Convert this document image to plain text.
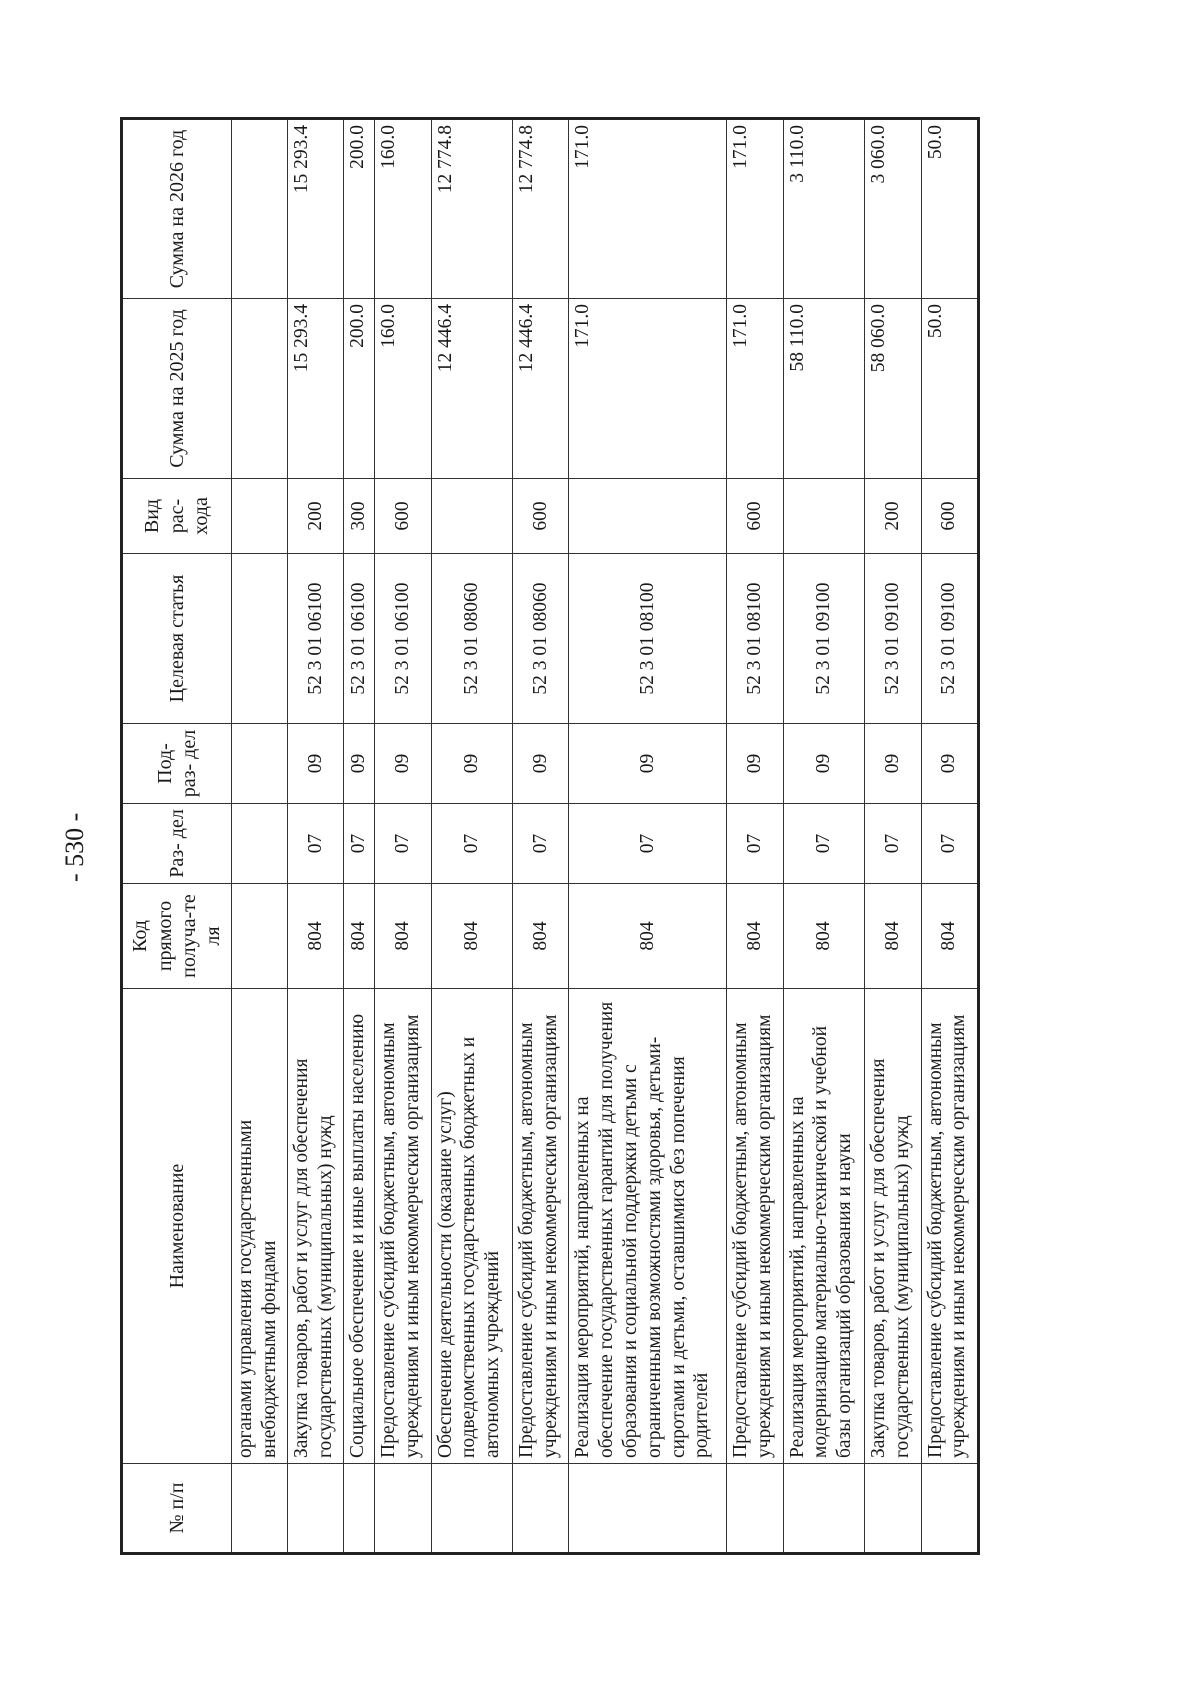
- 530 -
№ п/п	Наименование	Код прямого получа-те ля	Раз- дел	Под- раз- дел	Целевая статья	Вид рас- хода	Сумма на 2025 год	Сумма на 2026 год
	органами управления государственными внебюджетными фондами							
	Закупка товаров, работ и услуг для обеспечения государственных (муниципальных) нужд	804	07	09	52 3 01 06100	200	15 293.4	15 293.4
	Социальное обеспечение и иные выплаты населению	804	07	09	52 3 01 06100	300	200.0	200.0
	Предоставление субсидий бюджетным, автономным учреждениям и иным некоммерческим организациям	804	07	09	52 3 01 06100	600	160.0	160.0
	Обеспечение деятельности (оказание услуг) подведомственных государственных бюджетных и автономных учреждений	804	07	09	52 3 01 08060		12 446.4	12 774.8
	Предоставление субсидий бюджетным, автономным учреждениям и иным некоммерческим организациям	804	07	09	52 3 01 08060	600	12 446.4	12 774.8
	Реализация мероприятий, направленных на обеспечение государственных гарантий для получения образования и социальной поддержки детьми с ограниченными возможностями здоровья, детьми-сиротами и детьми, оставшимися без попечения родителей	804	07	09	52 3 01 08100		171.0	171.0
	Предоставление субсидий бюджетным, автономным учреждениям и иным некоммерческим организациям	804	07	09	52 3 01 08100	600	171.0	171.0
	Реализация мероприятий, направленных на модернизацию материально-технической и учебной базы организаций образования и науки	804	07	09	52 3 01 09100		58 110.0	3 110.0
	Закупка товаров, работ и услуг для обеспечения государственных (муниципальных) нужд	804	07	09	52 3 01 09100	200	58 060.0	3 060.0
	Предоставление субсидий бюджетным, автономным учреждениям и иным некоммерческим организациям	804	07	09	52 3 01 09100	600	50.0	50.0
